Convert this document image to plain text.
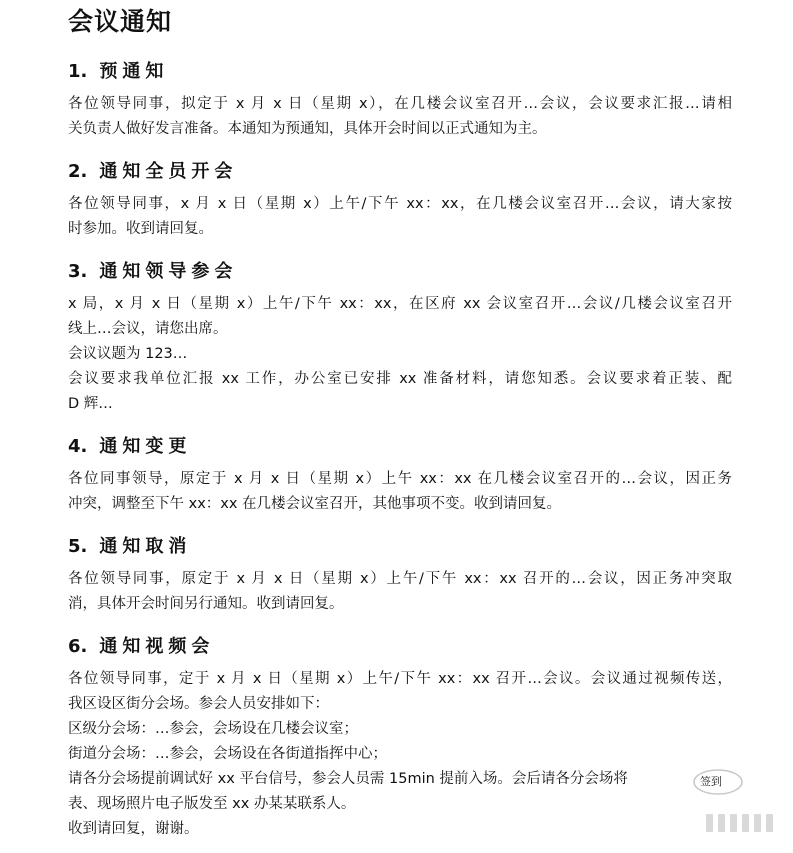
会议通知
1. 预通知
各位领导同事，拟定于 x 月 x 日（星期 x），在几楼会议室召开…会议，会议要求汇报…请相
关负责人做好发言准备。本通知为预通知，具体开会时间以正式通知为主。
2. 通知全员开会
各位领导同事，x 月 x 日（星期 x）上午/下午 xx：xx，在几楼会议室召开…会议，请大家按
时参加。收到请回复。
3. 通知领导参会
x 局，x 月 x 日（星期 x）上午/下午 xx：xx，在区府 xx 会议室召开…会议/几楼会议室召开
线上…会议，请您出席。
会议议题为 123…
会议要求我单位汇报 xx 工作，办公室已安排 xx 准备材料，请您知悉。会议要求着正装、配
D 辉…
4. 通知变更
各位同事领导，原定于 x 月 x 日（星期 x）上午 xx：xx 在几楼会议室召开的…会议，因正务
冲突，调整至下午 xx：xx 在几楼会议室召开，其他事项不变。收到请回复。
5. 通知取消
各位领导同事，原定于 x 月 x 日（星期 x）上午/下午 xx：xx 召开的…会议，因正务冲突取
消，具体开会时间另行通知。收到请回复。
6. 通知视频会
各位领导同事，定于 x 月 x 日（星期 x）上午/下午 xx：xx 召开…会议。会议通过视频传送，
我区设区街分会场。参会人员安排如下：
区级分会场：…参会，会场设在几楼会议室；
街道分会场：…参会，会场设在各街道指挥中心；
请各分会场提前调试好 xx 平台信号，参会人员需 15min 提前入场。会后请各分会场将
表、现场照片电子版发至 xx 办某某联系人。
收到请回复，谢谢。
签到
